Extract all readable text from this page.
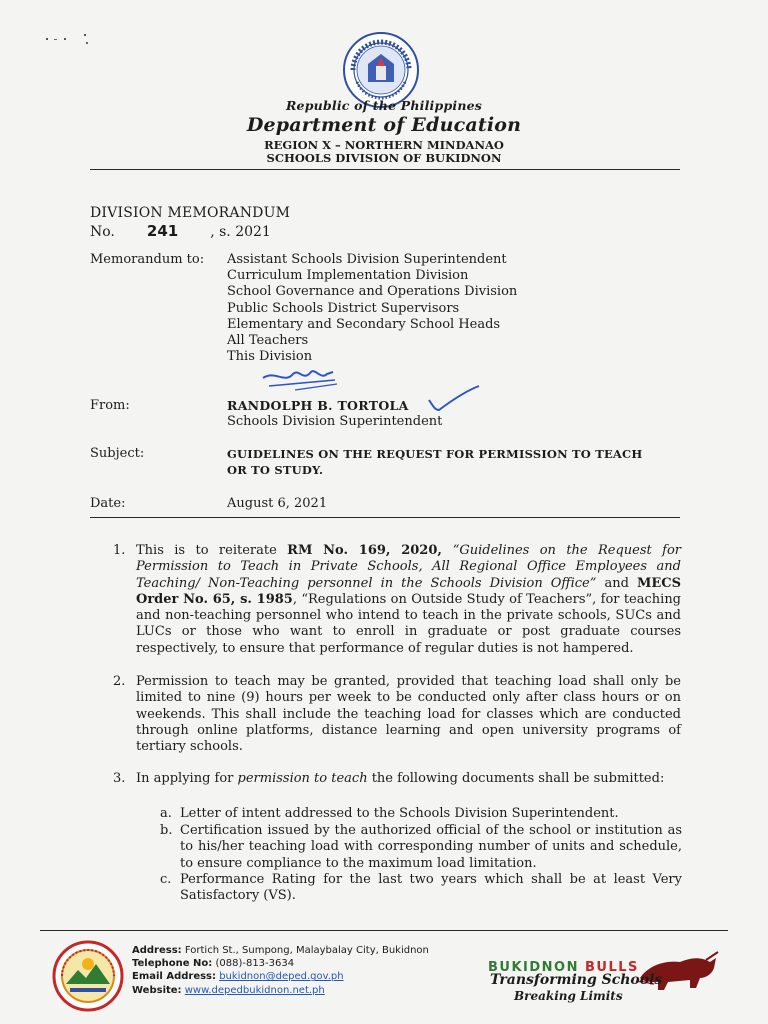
Republic of the Philippines
Department of Education
REGION X – NORTHERN MINDANAO
SCHOOLS DIVISION OF BUKIDNON
DIVISION MEMORANDUM
No. 241 , s. 2021
Memorandum to: Assistant Schools Division Superintendent
Curriculum Implementation Division
School Governance and Operations Division
Public Schools District Supervisors
Elementary and Secondary School Heads
All Teachers
This Division
From:	RANDOLPH B. TORTOLA
Schools Division Superintendent
Subject:	GUIDELINES ON THE REQUEST FOR PERMISSION TO TEACH
OR TO STUDY.
Date:	August 6, 2021
1. This is to reiterate RM No. 169, 2020, “Guidelines on the Request for Permission to Teach in Private Schools, All Regional Office Employees and Teaching/ Non-Teaching personnel in the Schools Division Office” and MECS Order No. 65, s. 1985, “Regulations on Outside Study of Teachers”, for teaching and non-teaching personnel who intend to teach in the private schools, SUCs and LUCs or those who want to enroll in graduate or post graduate courses respectively, to ensure that performance of regular duties is not hampered.
2. Permission to teach may be granted, provided that teaching load shall only be limited to nine (9) hours per week to be conducted only after class hours or on weekends. This shall include the teaching load for classes which are conducted through online platforms, distance learning and open university programs of tertiary schools.
3. In applying for permission to teach the following documents shall be submitted:
a. Letter of intent addressed to the Schools Division Superintendent.
b. Certification issued by the authorized official of the school or institution as to his/her teaching load with corresponding number of units and schedule, to ensure compliance to the maximum load limitation.
c. Performance Rating for the last two years which shall be at least Very Satisfactory (VS).
Address: Fortich St., Sumpong, Malaybalay City, Bukidnon
Telephone No: (088)-813-3634
Email Address: bukidnon@deped.gov.ph
Website: www.depedbukidnon.net.ph
BUKIDNON BULLS
Transforming Schools
Breaking Limits
